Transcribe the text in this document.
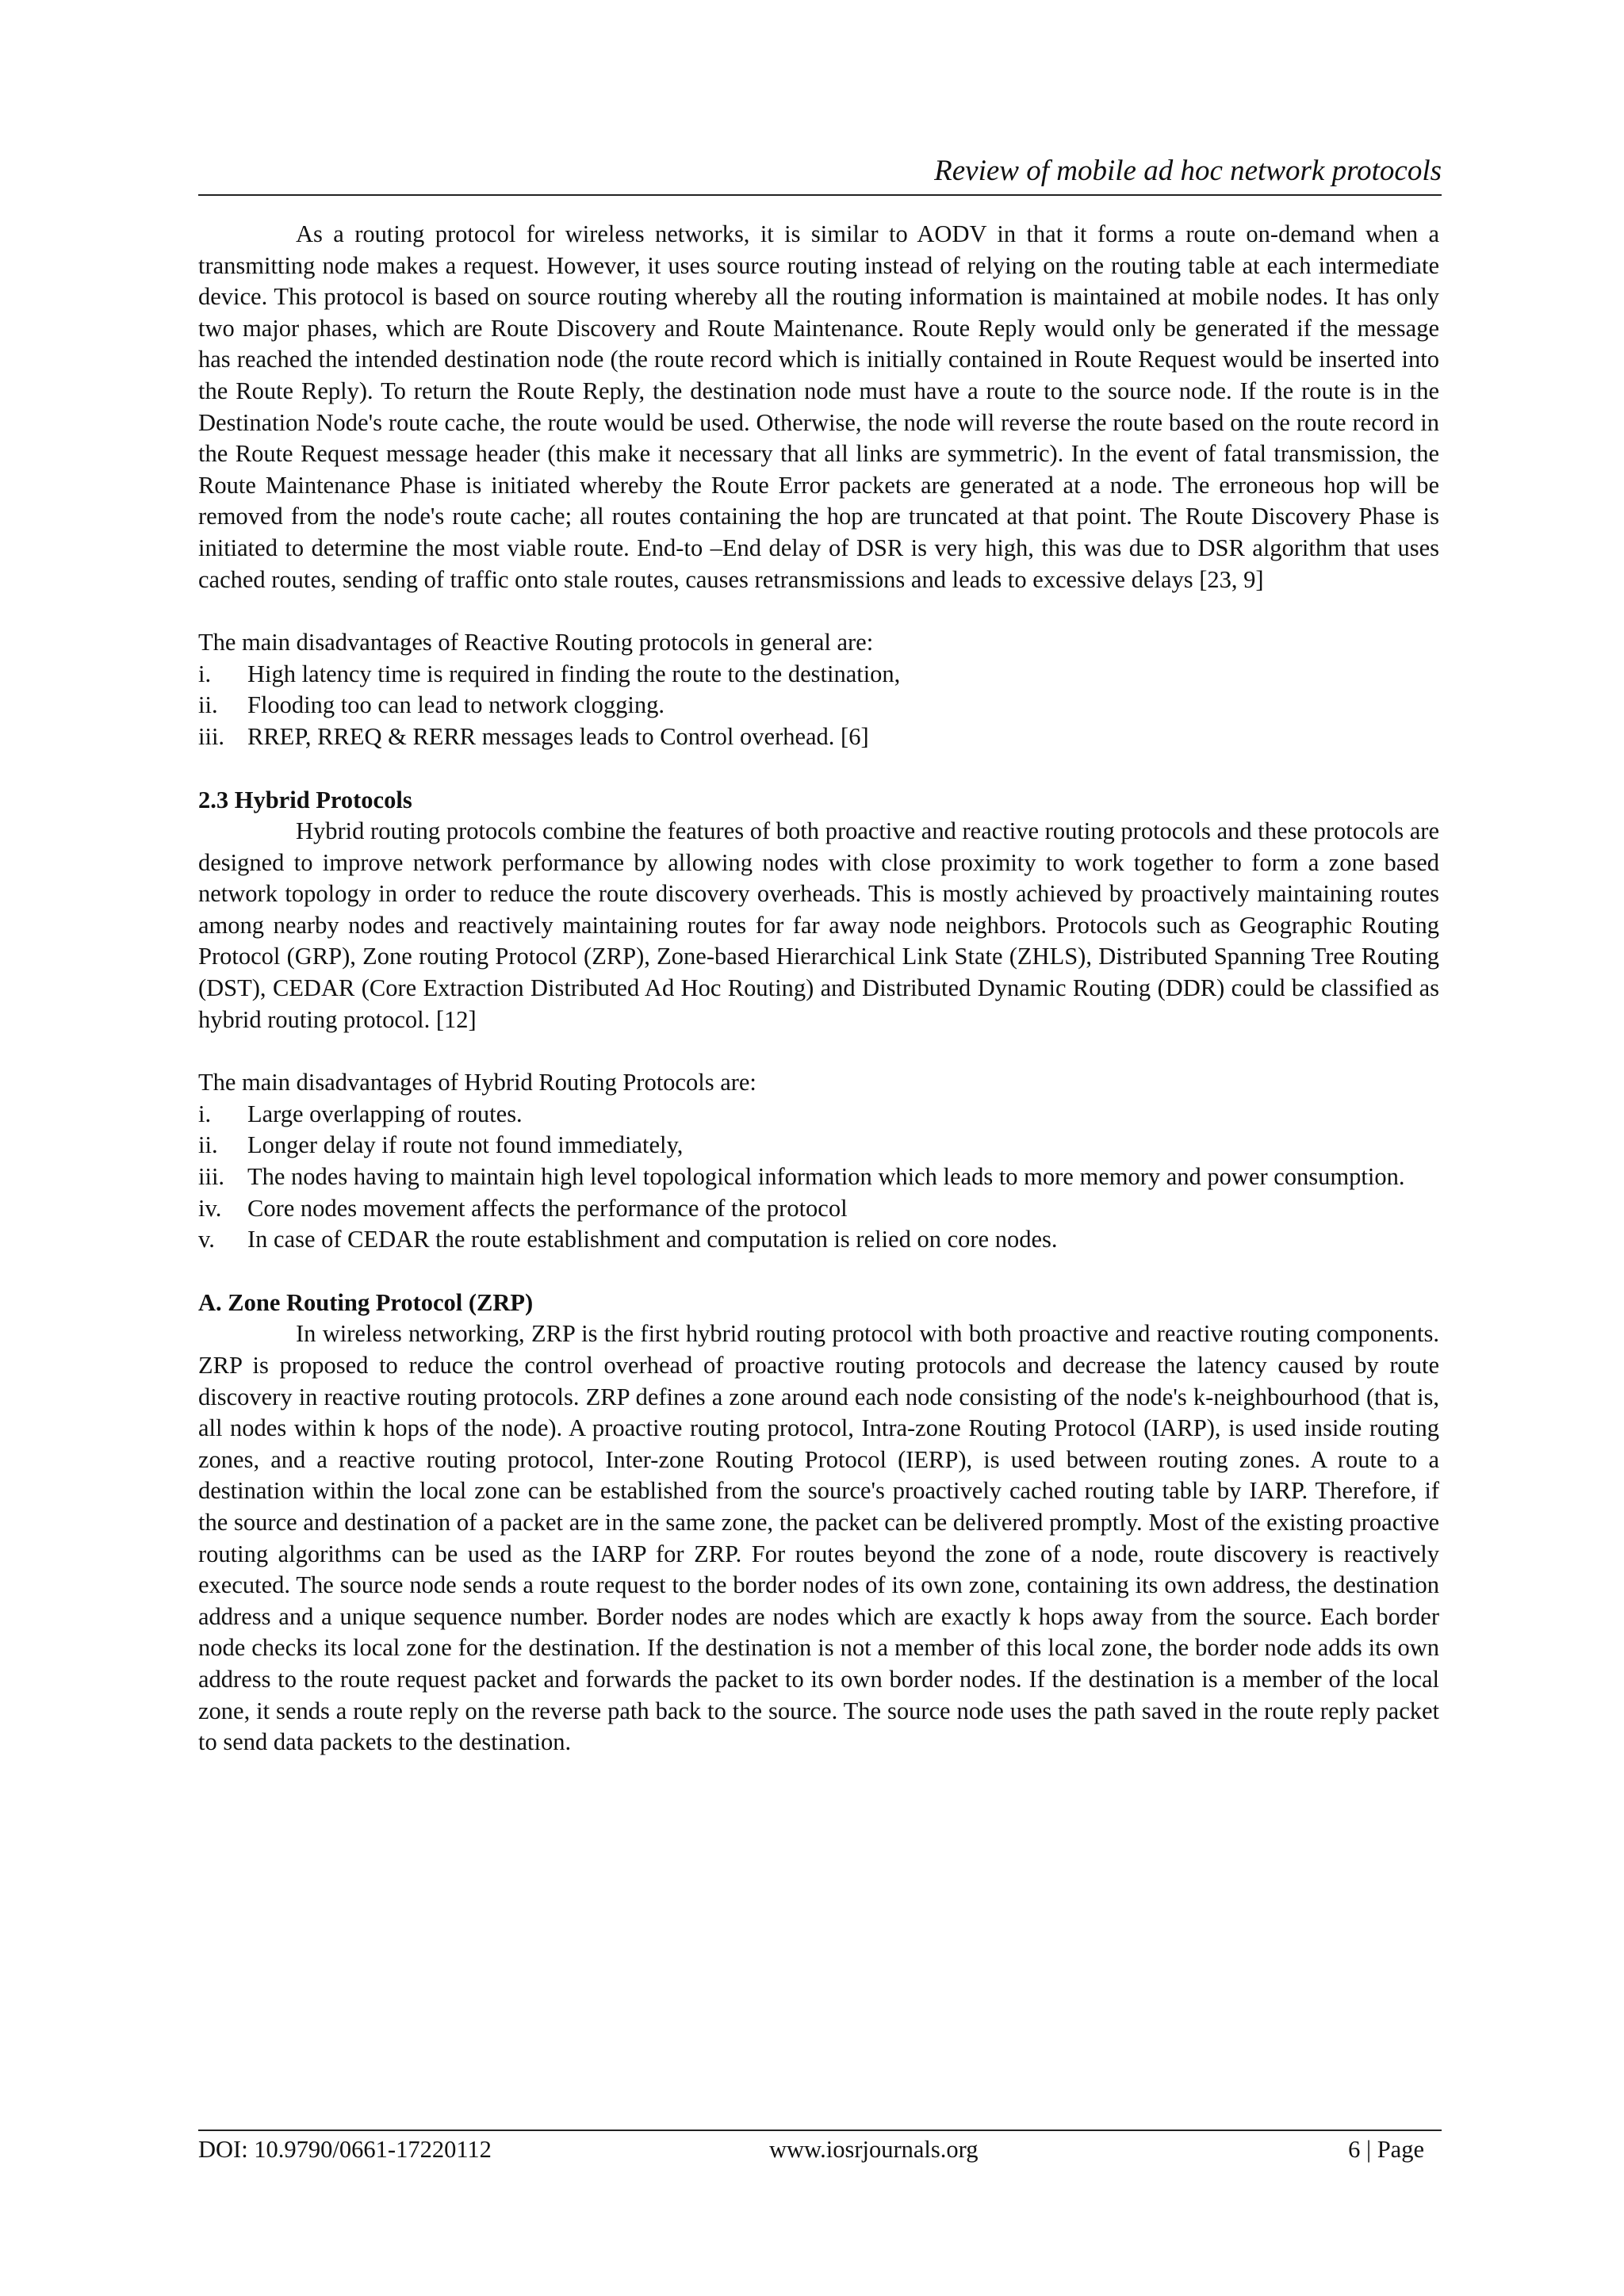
Review of mobile ad hoc network protocols

As a routing protocol for wireless networks, it is similar to AODV in that it forms a route on-demand when a transmitting node makes a request. However, it uses source routing instead of relying on the routing table at each intermediate device. This protocol is based on source routing whereby all the routing information is maintained at mobile nodes. It has only two major phases, which are Route Discovery and Route Maintenance. Route Reply would only be generated if the message has reached the intended destination node (the route record which is initially contained in Route Request would be inserted into the Route Reply). To return the Route Reply, the destination node must have a route to the source node. If the route is in the Destination Node's route cache, the route would be used. Otherwise, the node will reverse the route based on the route record in the Route Request message header (this make it necessary that all links are symmetric). In the event of fatal transmission, the Route Maintenance Phase is initiated whereby the Route Error packets are generated at a node. The erroneous hop will be removed from the node's route cache; all routes containing the hop are truncated at that point. The Route Discovery Phase is initiated to determine the most viable route. End-to –End delay of DSR is very high, this was due to DSR algorithm that uses cached routes, sending of traffic onto stale routes, causes retransmissions and leads to excessive delays [23, 9]

The main disadvantages of Reactive Routing protocols in general are:

i. High latency time is required in finding the route to the destination,
ii. Flooding too can lead to network clogging.
iii. RREP, RREQ & RERR messages leads to Control overhead. [6]

2.3 Hybrid Protocols

Hybrid routing protocols combine the features of both proactive and reactive routing protocols and these protocols are designed to improve network performance by allowing nodes with close proximity to work together to form a zone based network topology in order to reduce the route discovery overheads. This is mostly achieved by proactively maintaining routes among nearby nodes and reactively maintaining routes for far away node neighbors. Protocols such as Geographic Routing Protocol (GRP), Zone routing Protocol (ZRP), Zone-based Hierarchical Link State (ZHLS), Distributed Spanning Tree Routing (DST), CEDAR (Core Extraction Distributed Ad Hoc Routing) and Distributed Dynamic Routing (DDR) could be classified as hybrid routing protocol. [12]

The main disadvantages of Hybrid Routing Protocols are:

i. Large overlapping of routes.
ii. Longer delay if route not found immediately,
iii. The nodes having to maintain high level topological information which leads to more memory and power consumption.
iv. Core nodes movement affects the performance of the protocol
v. In case of CEDAR the route establishment and computation is relied on core nodes.

A. Zone Routing Protocol (ZRP)

In wireless networking, ZRP is the first hybrid routing protocol with both proactive and reactive routing components. ZRP is proposed to reduce the control overhead of proactive routing protocols and decrease the latency caused by route discovery in reactive routing protocols. ZRP defines a zone around each node consisting of the node's k-neighbourhood (that is, all nodes within k hops of the node). A proactive routing protocol, Intra-zone Routing Protocol (IARP), is used inside routing zones, and a reactive routing protocol, Inter-zone Routing Protocol (IERP), is used between routing zones. A route to a destination within the local zone can be established from the source's proactively cached routing table by IARP. Therefore, if the source and destination of a packet are in the same zone, the packet can be delivered promptly. Most of the existing proactive routing algorithms can be used as the IARP for ZRP. For routes beyond the zone of a node, route discovery is reactively executed. The source node sends a route request to the border nodes of its own zone, containing its own address, the destination address and a unique sequence number. Border nodes are nodes which are exactly k hops away from the source. Each border node checks its local zone for the destination. If the destination is not a member of this local zone, the border node adds its own address to the route request packet and forwards the packet to its own border nodes. If the destination is a member of the local zone, it sends a route reply on the reverse path back to the source. The source node uses the path saved in the route reply packet to send data packets to the destination.

DOI: 10.9790/0661-17220112	www.iosrjournals.org	6 | Page
